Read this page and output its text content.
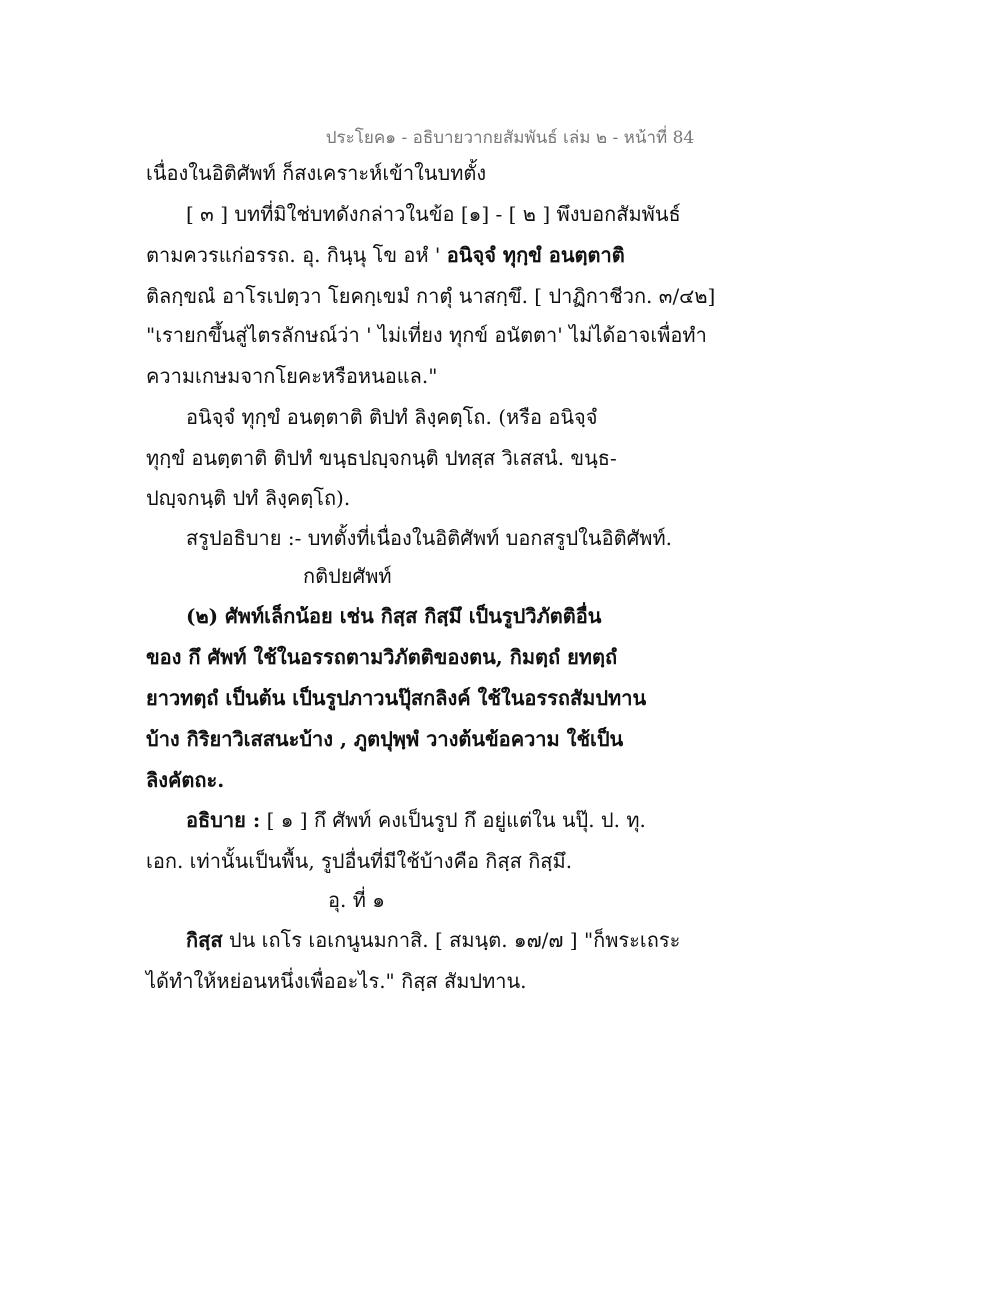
ประโยค๑ - อธิบายวากยสัมพันธ์ เล่ม ๒ - หน้าที่ 84
เนื่องในอิติศัพท์ ก็สงเคราะห์เข้าในบทตั้ง
[ ๓ ] บทที่มิใช่บทดังกล่าวในข้อ [๑] - [ ๒ ] พึงบอกสัมพันธ์
ตามควรแก่อรรถ. อุ. กินฺนุ โข อหํ ' อนิจฺจํ ทุกฺขํ อนตฺตาติ
ติลกฺขณํ อาโรเปตฺวา โยคกฺเขมํ กาตุํ นาสกฺขึ. [ ปาฏิกาชีวก. ๓/๔๒]
"เรายกขึ้นสู่ไตรลักษณ์ว่า ' ไม่เที่ยง ทุกข์ อนัตตา' ไม่ได้อาจเพื่อทำ
ความเกษมจากโยคะหรือหนอแล."
อนิจฺจํ ทุกฺขํ อนตฺตาติ ติปทํ ลิงฺคตฺโถ. (หรือ อนิจฺจํ
ทุกฺขํ อนตฺตาติ ติปทํ ขนฺธปญฺจกนฺติ ปทสฺส วิเสสนํ. ขนฺธ-
ปญฺจกนฺติ ปทํ ลิงฺคตฺโถ).
สรูปอธิบาย :- บทตั้งที่เนื่องในอิติศัพท์ บอกสรูปในอิติศัพท์.
กติปยศัพท์
(๒) ศัพท์เล็กน้อย เช่น กิสฺส กิสฺมึ เป็นรูปวิภัตติอื่น
ของ กึ ศัพท์ ใช้ในอรรถตามวิภัตติของตน, กิมตฺถํ ยทตฺถํ
ยาวทตฺถํ เป็นต้น เป็นรูปภาวนปุ๊สกลิงค์ ใช้ในอรรถสัมปทาน
บ้าง กิริยาวิเสสนะบ้าง , ภูตปุพฺพํ วางต้นข้อความ ใช้เป็น
ลิงคัตถะ.
อธิบาย : [ ๑ ] กึ ศัพท์ คงเป็นรูป กึ อยู่แต่ใน นปุ๊. ป. ทุ.
เอก. เท่านั้นเป็นพื้น, รูปอื่นที่มีใช้บ้างคือ กิสฺส กิสฺมึ.
อุ. ที่ ๑
กิสฺส ปน เถโร เอเกนูนมกาสิ. [ สมนฺต. ๑๗/๗ ] "ก็พระเถระ
ได้ทำให้หย่อนหนึ่งเพื่ออะไร." กิสฺส สัมปทาน.
